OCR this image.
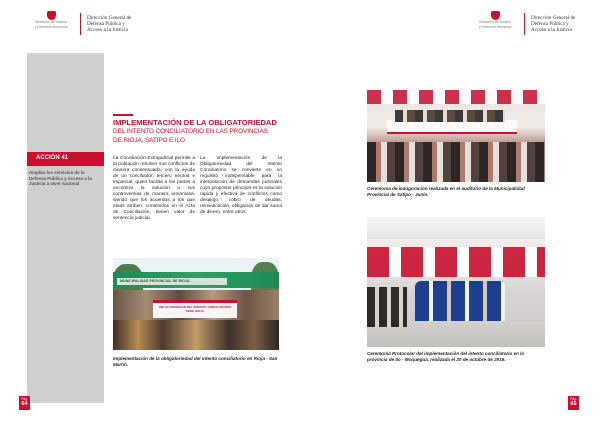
Ministerio de Justicia
y Derechos Humanos
Dirección General de
Defensa Pública y
Acceso a la Justicia
Ministerio de Justicia
y Derechos Humanos
Dirección General de
Defensa Pública y
Acceso a la Justicia
ACCIÓN 41
Ampliar los servicios de la Defensa Pública y Acceso a la Justicia a nivel nacional
IMPLEMENTACIÓN DE LA OBLIGATORIEDAD
DEL INTENTO CONCILIATORIO EN LAS PROVINCIAS DE RIOJA, SATIPO E ILO
La Conciliación Extrajudicial permite a la población resolver sus conflictos de manera consensuada, con la ayuda de un conciliador, tercero neutral e imparcial, quien facilita a las partes a encontrar la solución a sus controversias de manera armoniosa, siendo que los acuerdos a los que estas arriben, contenidos en el Acta de Conciliación, tienen valor de sentencia judicial.
La implementación de la Obligatoriedad del Intento Conciliatorio se convierte en un requisito indispensable para la interposición de demandas judiciales cuyo propósito principal es la solución rápida y efectiva de conflictos como desalojo, cobro de deudas, reinvidicación, obligación de dar suma de dinero, entre otros.
MUNICIPALIDAD PROVINCIAL DE RIOJA
OBLIGATORIEDAD DEL INTENTO CONCILIATORIO
SEDE RIOJA
Implementación de la obligatoriedad del intento conciliatorio en Rioja - San Martín.
Ceremonia de inauguración realizada en el auditorio de la Municipalidad Provincial de Satipo - Junín.
Ceremonia Protocolar del implementación del intento conciliatorio en la provincia de Ilo - Moquegua, realizada el 20 de octubre de 2016.
Pág.
64
Pág.
65
